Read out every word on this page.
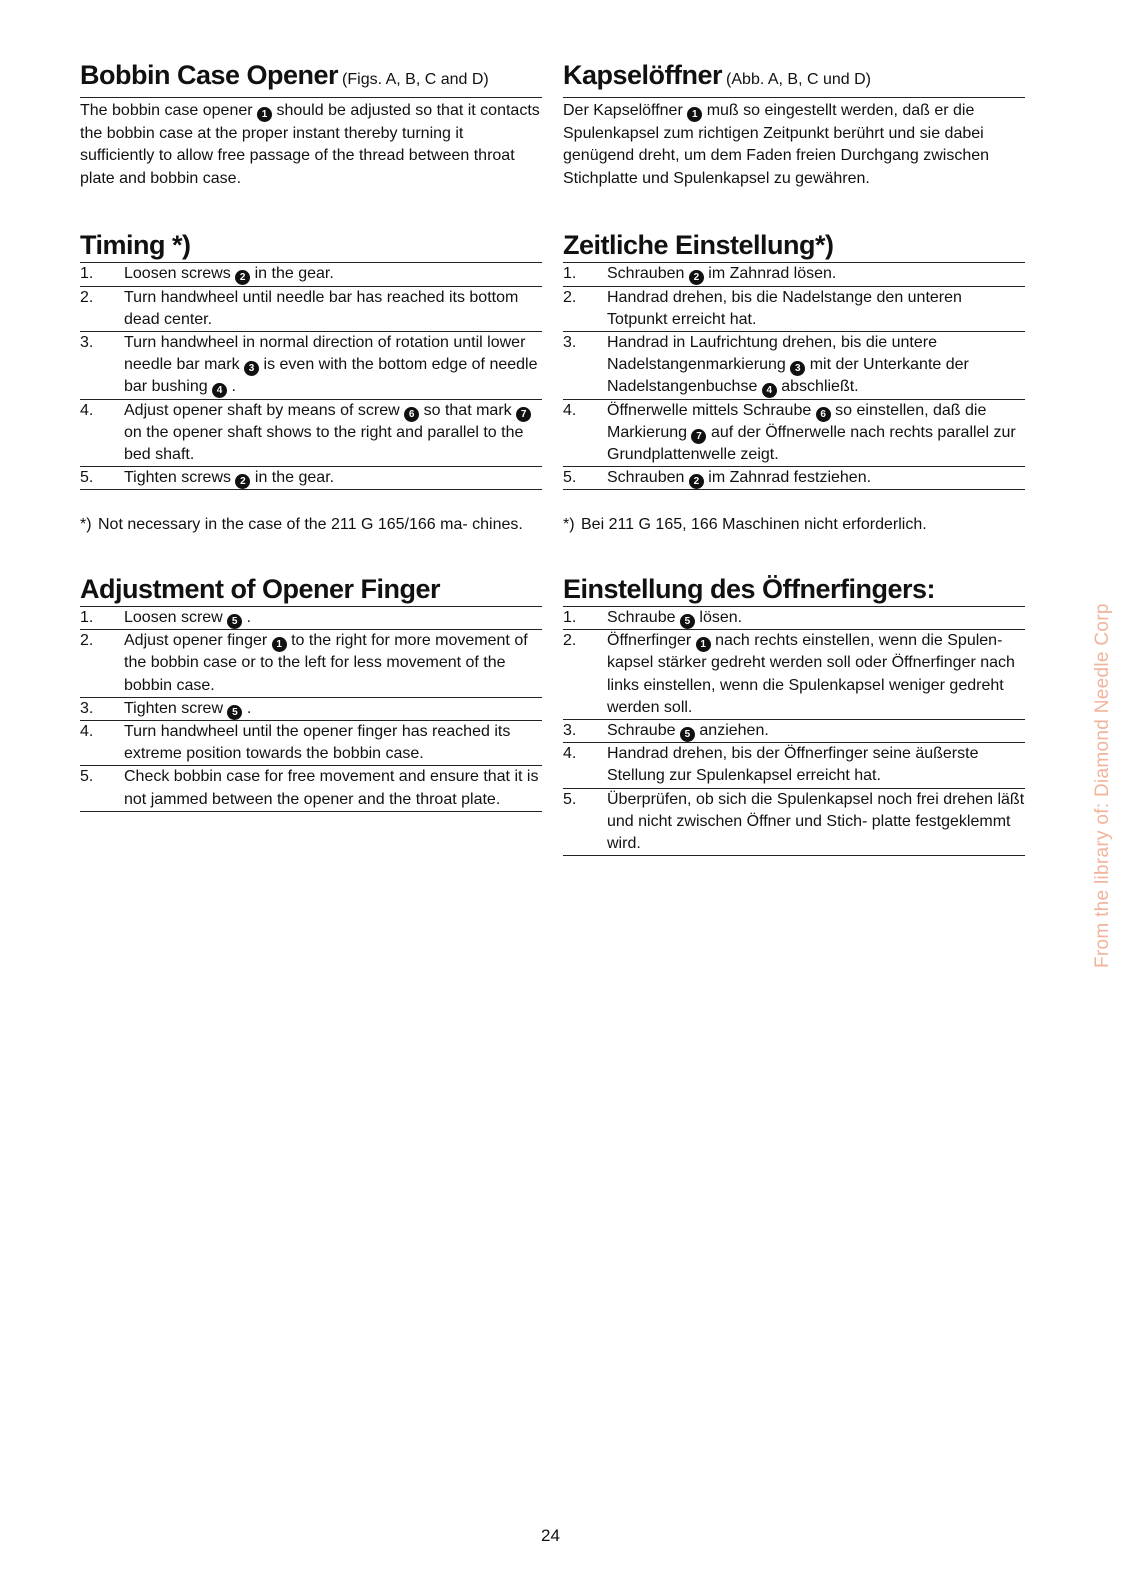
Bobbin Case Opener (Figs. A, B, C and D)
The bobbin case opener 1 should be adjusted so that it contacts the bobbin case at the proper instant thereby turning it sufficiently to allow free passage of the thread between throat plate and bobbin case.
Timing *)
1.	Loosen screws 2 in the gear.
2.	Turn handwheel until needle bar has reached its bottom dead center.
3.	Turn handwheel in normal direction of rotation until lower needle bar mark 3 is even with the bottom edge of needle bar bushing 4 .
4.	Adjust opener shaft by means of screw 6 so that mark 7 on the opener shaft shows to the right and parallel to the bed shaft.
5.	Tighten screws 2 in the gear.
*) Not necessary in the case of the 211 G 165/166 ma- chines.
Adjustment of Opener Finger
1.	Loosen screw 5 .
2.	Adjust opener finger 1 to the right for more movement of the bobbin case or to the left for less movement of the bobbin case.
3.	Tighten screw 5 .
4.	Turn handwheel until the opener finger has reached its extreme position towards the bobbin case.
5.	Check bobbin case for free movement and ensure that it is not jammed between the opener and the throat plate.
Kapselöffner (Abb. A, B, C und D)
Der Kapselöffner 1 muß so eingestellt werden, daß er die Spulenkapsel zum richtigen Zeitpunkt berührt und sie dabei genügend dreht, um dem Faden freien Durchgang zwischen Stichplatte und Spulenkapsel zu gewähren.
Zeitliche Einstellung*)
1.	Schrauben 2 im Zahnrad lösen.
2.	Handrad drehen, bis die Nadelstange den unteren Totpunkt erreicht hat.
3.	Handrad in Laufrichtung drehen, bis die untere Nadelstangenmarkierung 3 mit der Unterkante der Nadelstangenbuchse 4 abschließt.
4.	Öffnerwelle mittels Schraube 6 so einstellen, daß die Markierung 7 auf der Öffnerwelle nach rechts parallel zur Grundplattenwelle zeigt.
5.	Schrauben 2 im Zahnrad festziehen.
*) Bei 211 G 165, 166 Maschinen nicht erforderlich.
Einstellung des Öffnerfingers:
1.	Schraube 5 lösen.
2.	Öffnerfinger 1 nach rechts einstellen, wenn die Spulen- kapsel stärker gedreht werden soll oder Öffnerfinger nach links einstellen, wenn die Spulenkapsel weniger gedreht werden soll.
3.	Schraube 5 anziehen.
4.	Handrad drehen, bis der Öffnerfinger seine äußerste Stellung zur Spulenkapsel erreicht hat.
5.	Überprüfen, ob sich die Spulenkapsel noch frei drehen läßt und nicht zwischen Öffner und Stich- platte festgeklemmt wird.	From the library of: Diamond Needle Corp
24
